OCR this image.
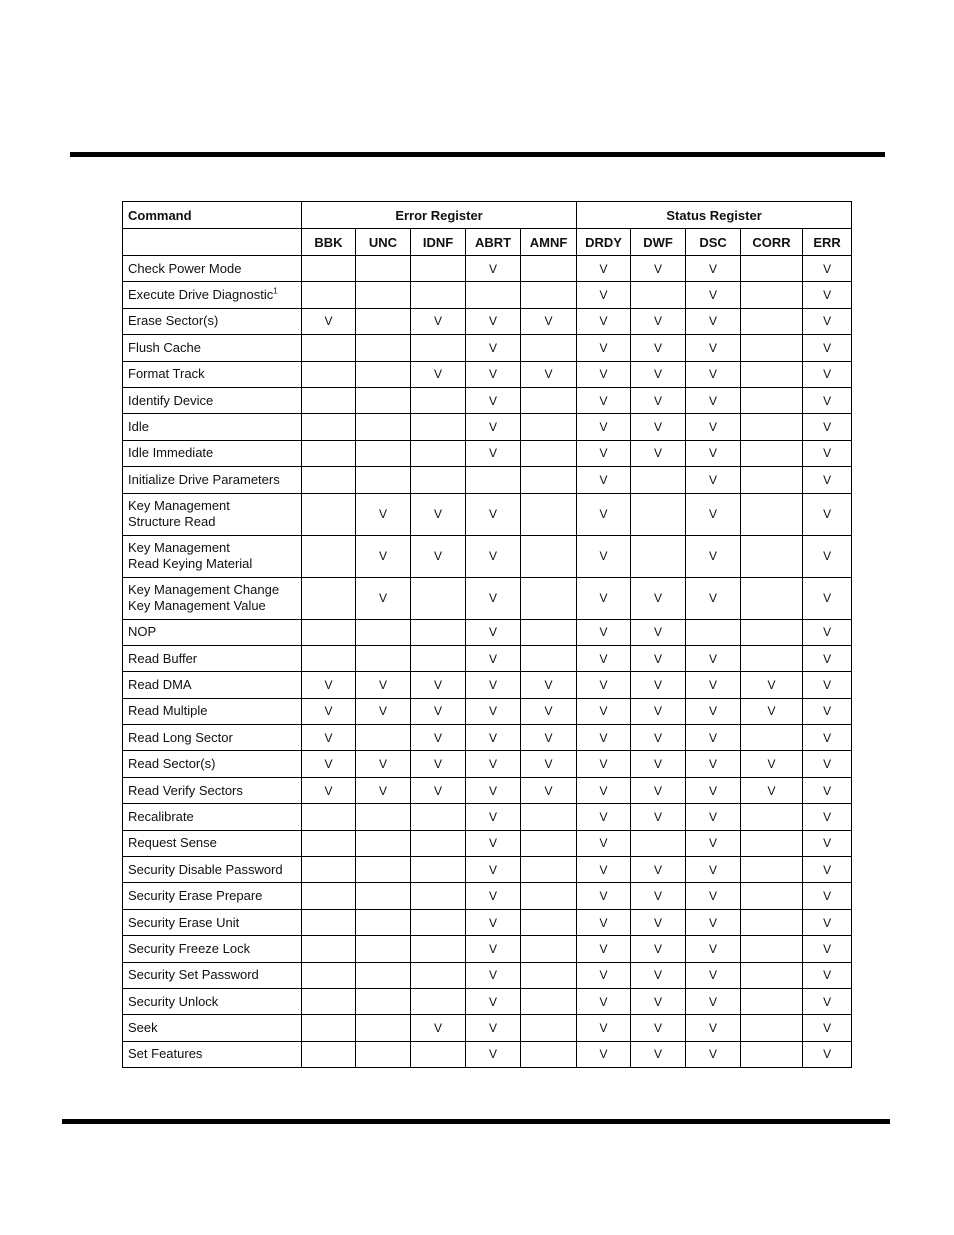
Command	Error Register					Status Register				
	BBK	UNC	IDNF	ABRT	AMNF	DRDY	DWF	DSC	CORR	ERR
Check Power Mode				V		V	V	V		V
Execute Drive Diagnostic$^1$						V		V		V
Erase Sector(s)	V		V	V	V	V	V	V		V
Flush Cache				V		V	V	V		V
Format Track			V	V	V	V	V	V		V
Identify Device				V		V	V	V		V
Idle				V		V	V	V		V
Idle Immediate				V		V	V	V		V
Initialize Drive Parameters						V		V		V
Key Management
Structure Read		V	V	V		V		V		V
Key Management
Read Keying Material		V	V	V		V		V		V
Key Management Change
Key Management Value		V		V		V	V	V		V
NOP				V		V	V			V
Read Buffer				V		V	V	V		V
Read DMA	V	V	V	V	V	V	V	V	V	V
Read Multiple	V	V	V	V	V	V	V	V	V	V
Read Long Sector	V		V	V	V	V	V	V		V
Read Sector(s)	V	V	V	V	V	V	V	V	V	V
Read Verify Sectors	V	V	V	V	V	V	V	V	V	V
Recalibrate				V		V	V	V		V
Request Sense				V		V		V		V
Security Disable Password				V		V	V	V		V
Security Erase Prepare				V		V	V	V		V
Security Erase Unit				V		V	V	V		V
Security Freeze Lock				V		V	V	V		V
Security Set Password				V		V	V	V		V
Security Unlock				V		V	V	V		V
Seek			V	V		V	V	V		V
Set Features				V		V	V	V		V
